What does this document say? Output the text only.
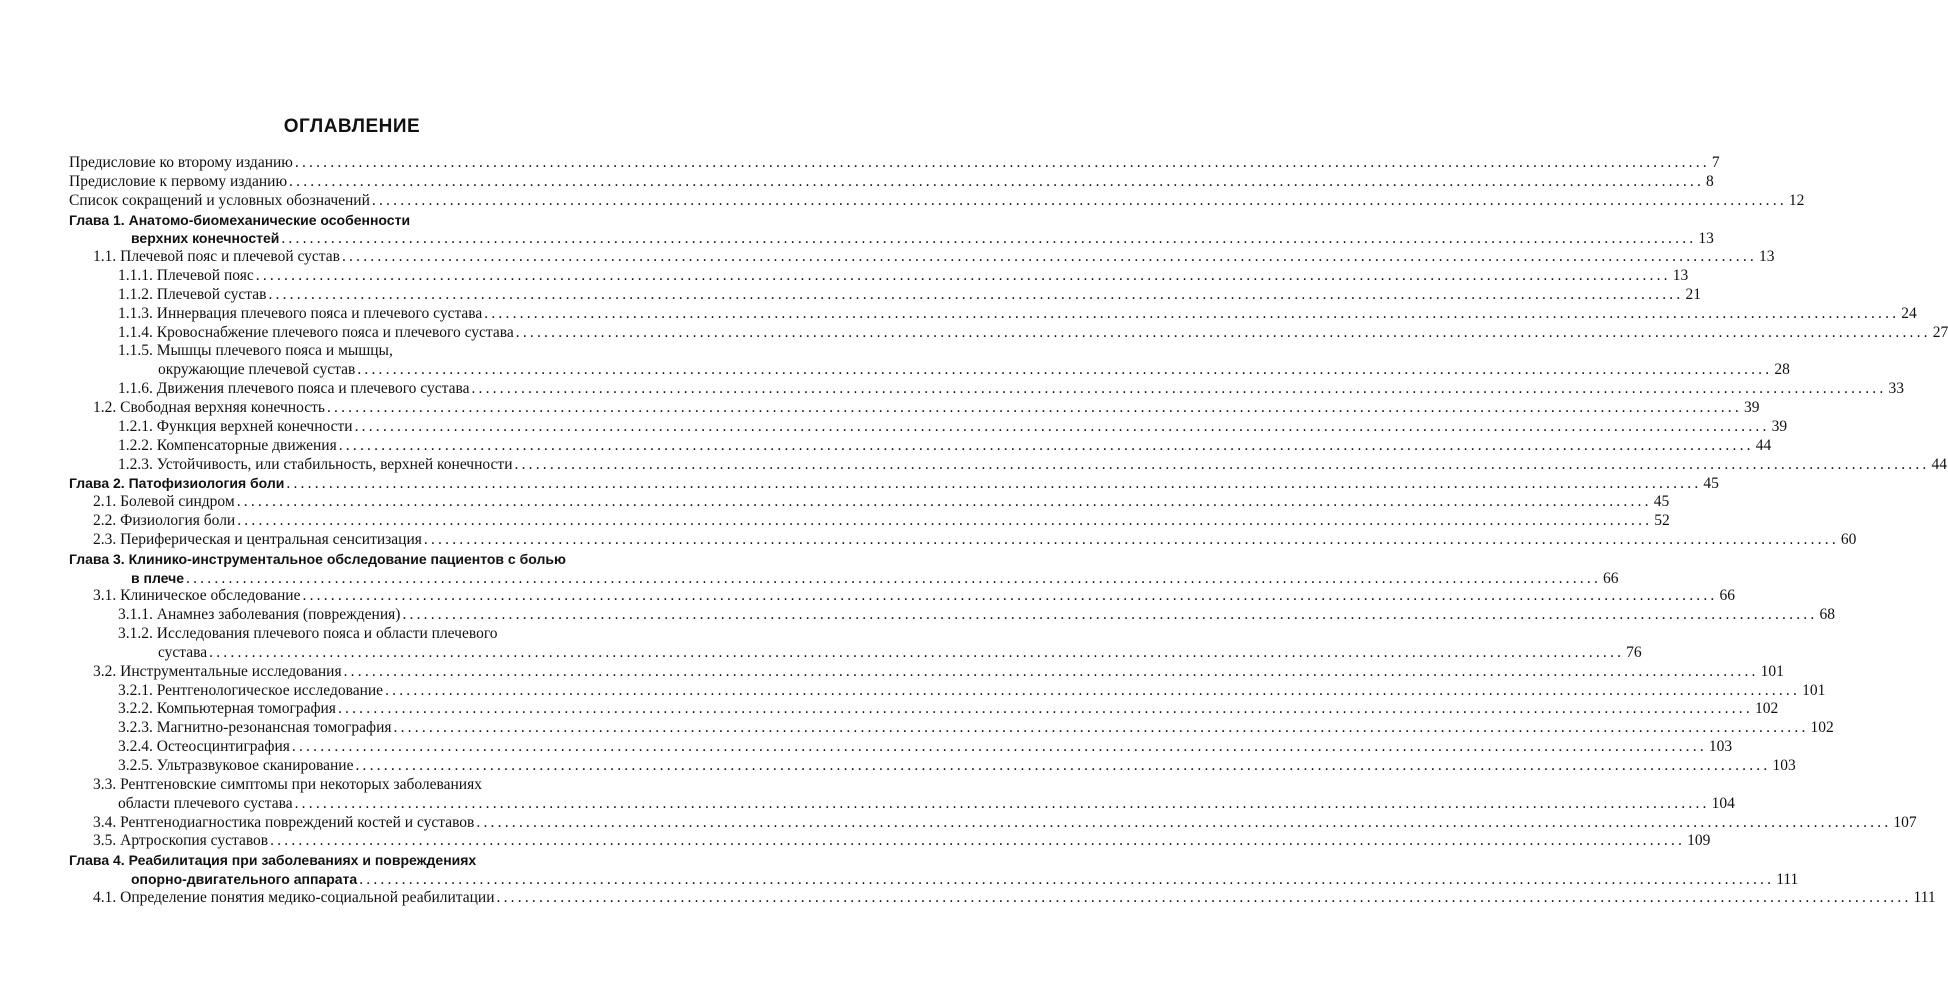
ОГЛАВЛЕНИЕ
Предисловие ко второму изданию ........................................................................................................................................................................................................ 7
Предисловие к первому изданию ........................................................................................................................................................................................................ 8
Список сокращений и условных обозначений ........................................................................................................................................................................................................ 12
Глава 1. Анатомо-биомеханические особенности
верхних конечностей ........................................................................................................................................................................................................ 13
1.1. Плечевой пояс и плечевой сустав ........................................................................................................................................................................................................ 13
1.1.1. Плечевой пояс ........................................................................................................................................................................................................ 13
1.1.2. Плечевой сустав ........................................................................................................................................................................................................ 21
1.1.3. Иннервация плечевого пояса и плечевого сустава ........................................................................................................................................................................................................ 24
1.1.4. Кровоснабжение плечевого пояса и плечевого сустава ........................................................................................................................................................................................................ 27
1.1.5. Мышцы плечевого пояса и мышцы,
окружающие плечевой сустав ........................................................................................................................................................................................................ 28
1.1.6. Движения плечевого пояса и плечевого сустава ........................................................................................................................................................................................................ 33
1.2. Свободная верхняя конечность ........................................................................................................................................................................................................ 39
1.2.1. Функция верхней конечности ........................................................................................................................................................................................................ 39
1.2.2. Компенсаторные движения ........................................................................................................................................................................................................ 44
1.2.3. Устойчивость, или стабильность, верхней конечности ........................................................................................................................................................................................................ 44
Глава 2. Патофизиология боли ........................................................................................................................................................................................................ 45
2.1. Болевой синдром ........................................................................................................................................................................................................ 45
2.2. Физиология боли ........................................................................................................................................................................................................ 52
2.3. Периферическая и центральная сенситизация ........................................................................................................................................................................................................ 60
Глава 3. Клинико-инструментальное обследование пациентов с болью
в плече ........................................................................................................................................................................................................ 66
3.1. Клиническое обследование ........................................................................................................................................................................................................ 66
3.1.1. Анамнез заболевания (повреждения) ........................................................................................................................................................................................................ 68
3.1.2. Исследования плечевого пояса и области плечевого
сустава ........................................................................................................................................................................................................ 76
3.2. Инструментальные исследования ........................................................................................................................................................................................................ 101
3.2.1. Рентгенологическое исследование ........................................................................................................................................................................................................ 101
3.2.2. Компьютерная томография ........................................................................................................................................................................................................ 102
3.2.3. Магнитно-резонансная томография ........................................................................................................................................................................................................ 102
3.2.4. Остеосцинтиграфия ........................................................................................................................................................................................................ 103
3.2.5. Ультразвуковое сканирование ........................................................................................................................................................................................................ 103
3.3. Рентгеновские симптомы при некоторых заболеваниях
области плечевого сустава ........................................................................................................................................................................................................ 104
3.4. Рентгенодиагностика повреждений костей и суставов ........................................................................................................................................................................................................ 107
3.5. Артроскопия суставов ........................................................................................................................................................................................................ 109
Глава 4. Реабилитация при заболеваниях и повреждениях
опорно-двигательного аппарата ........................................................................................................................................................................................................ 111
4.1. Определение понятия медико-социальной реабилитации ........................................................................................................................................................................................................ 111
